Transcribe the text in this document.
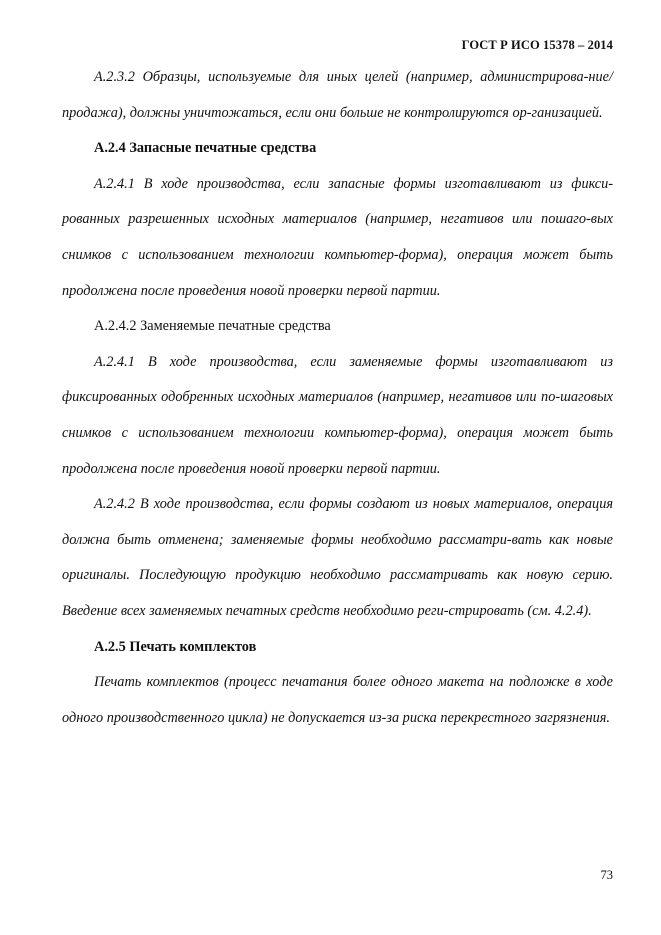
ГОСТ Р ИСО 15378 – 2014

А.2.3.2 Образцы, используемые для иных целей (например, администрирова-ние/продажа), должны уничтожаться, если они больше не контролируются ор-ганизацией.

А.2.4 Запасные печатные средства

А.2.4.1 В ходе производства, если запасные формы изготавливают из фикси-рованных разрешенных исходных материалов (например, негативов или пошаго-вых снимков с использованием технологии компьютер-форма), операция может быть продолжена после проведения новой проверки первой партии.

А.2.4.2 Заменяемые печатные средства

А.2.4.1 В ходе производства, если заменяемые формы изготавливают из фиксированных одобренных исходных материалов (например, негативов или по-шаговых снимков с использованием технологии компьютер-форма), операция может быть продолжена после проведения новой проверки первой партии.

А.2.4.2 В ходе производства, если формы создают из новых материалов, операция должна быть отменена; заменяемые формы необходимо рассматри-вать как новые оригиналы. Последующую продукцию необходимо рассматривать как новую серию. Введение всех заменяемых печатных средств необходимо реги-стрировать (см. 4.2.4).

А.2.5 Печать комплектов

Печать комплектов (процесс печатания более одного макета на подложке в ходе одного производственного цикла) не допускается из-за риска перекрестного загрязнения.

73
